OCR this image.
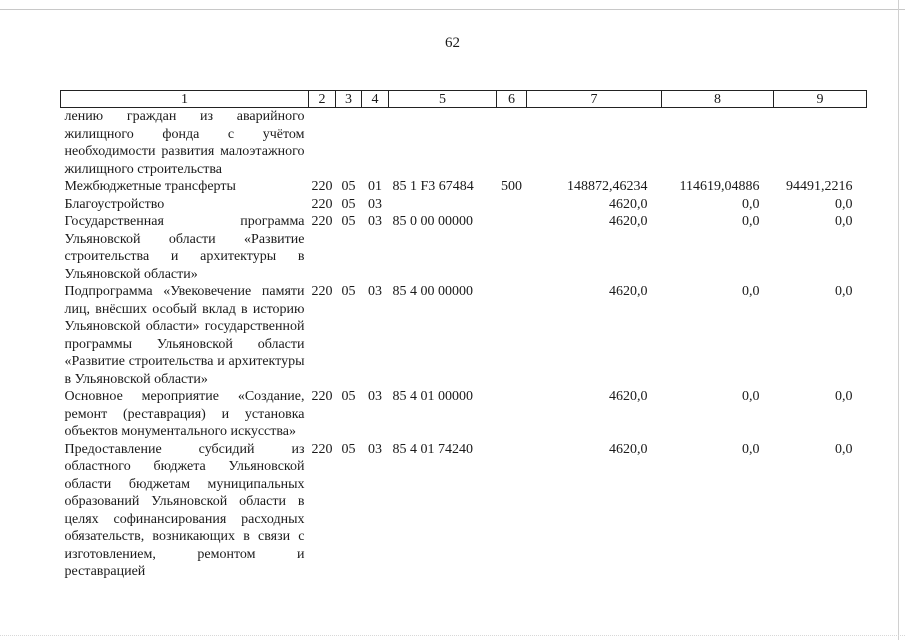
62
1	2	3	4	5	6	7	8	9
лению граждан из аварийного жилищного фонда с учётом необходимости развития малоэтажного жилищного строительства								
Межбюджетные трансферты	220	05	01	85 1 F3 67484	500	148872,46234	114619,04886	94491,2216
Благоустройство	220	05	03			4620,0	0,0	0,0
Государственная программа Ульяновской области «Развитие строительства и архитектуры в Ульяновской области»	220	05	03	85 0 00 00000		4620,0	0,0	0,0
Подпрограмма «Увековечение памяти лиц, внёсших особый вклад в историю Ульяновской области» государственной программы Ульяновской области «Развитие строительства и архитектуры в Ульяновской области»	220	05	03	85 4 00 00000		4620,0	0,0	0,0
Основное мероприятие «Создание, ремонт (реставрация) и установка объектов монументального искусства»	220	05	03	85 4 01 00000		4620,0	0,0	0,0
Предоставление субсидий из областного бюджета Ульяновской области бюджетам муниципальных образований Ульяновской области в целях софинансирования расходных обязательств, возникающих в связи с изготовлением, ремонтом и реставрацией	220	05	03	85 4 01 74240		4620,0	0,0	0,0
